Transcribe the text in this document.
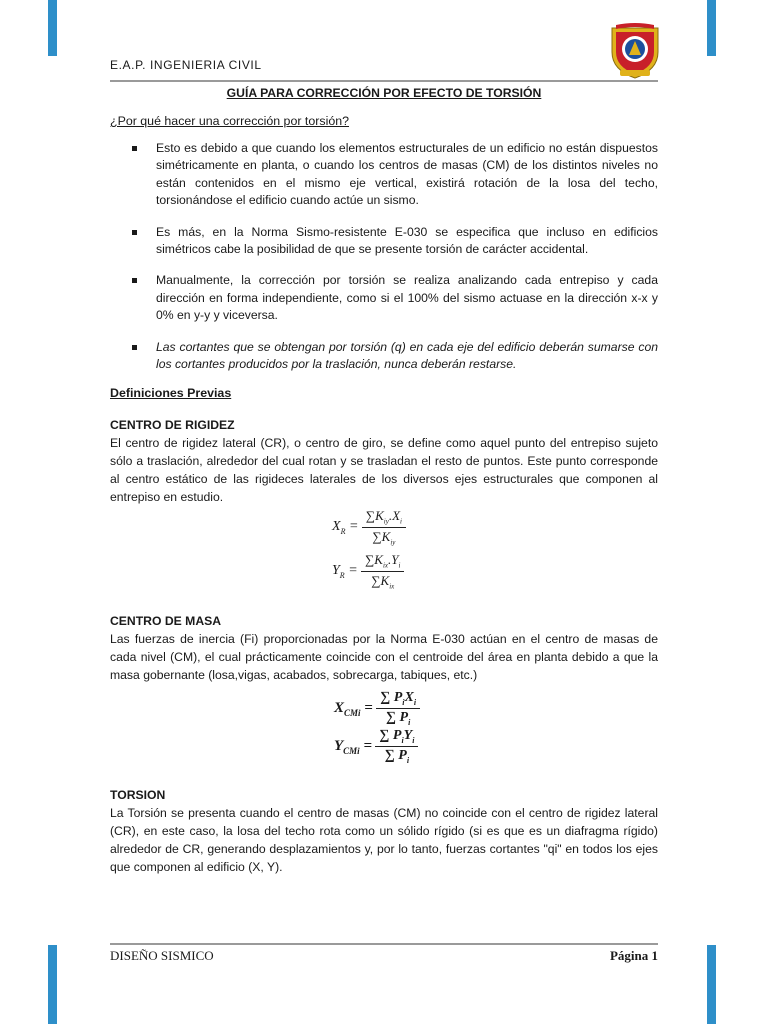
E.A.P. INGENIERIA CIVIL
GUÍA PARA CORRECCIÓN POR EFECTO DE TORSIÓN
¿Por qué hacer una corrección por torsión?
Esto es debido a que cuando los elementos estructurales de un edificio no están dispuestos simétricamente en planta, o cuando los centros de masas (CM) de los distintos niveles no están contenidos en el mismo eje vertical, existirá rotación de la losa del techo, torsionándose el edificio cuando actúe un sismo.
Es más, en la Norma Sismo-resistente E-030 se especifica que incluso en edificios simétricos cabe la posibilidad de que se presente torsión de carácter accidental.
Manualmente, la corrección por torsión se realiza analizando cada entrepiso y cada dirección en forma independiente, como si el 100% del sismo actuase en la dirección x-x y 0% en y-y y viceversa.
Las cortantes que se obtengan por torsión (q) en cada eje del edificio deberán sumarse con los cortantes producidos por la traslación, nunca deberán restarse.
Definiciones Previas
CENTRO DE RIGIDEZ
El centro de rigidez lateral (CR), o centro de giro, se define como aquel punto del entrepiso sujeto sólo a traslación, alrededor del cual rotan y se trasladan el resto de puntos. Este punto corresponde al centro estático de las rigideces laterales de los diversos ejes estructurales que componen al entrepiso en estudio.
$X_R = \frac{\sum K_{iy}.X_i}{\sum K_{iy}}$
$Y_R = \frac{\sum K_{ix}.Y_i}{\sum K_{ix}}$
CENTRO DE MASA
Las fuerzas de inercia (Fi) proporcionadas por la Norma E-030 actúan en el centro de masas de cada nivel (CM), el cual prácticamente coincide con el centroide del área en planta debido a que la masa gobernante (losa,vigas, acabados, sobrecarga, tabiques, etc.)
$X_{CMi} = \frac{\sum P_iX_i}{\sum P_i}$
$Y_{CMi} = \frac{\sum P_iY_i}{\sum P_i}$
TORSION
La Torsión se presenta cuando el centro de masas (CM) no coincide con el centro de rigidez lateral (CR), en este caso, la losa del techo rota como un sólido rígido (si es que es un diafragma rígido) alrededor de CR, generando desplazamientos y, por lo tanto, fuerzas cortantes "qi" en todos los ejes que componen al edificio (X, Y).
DISEÑO SISMICO	Página 1
